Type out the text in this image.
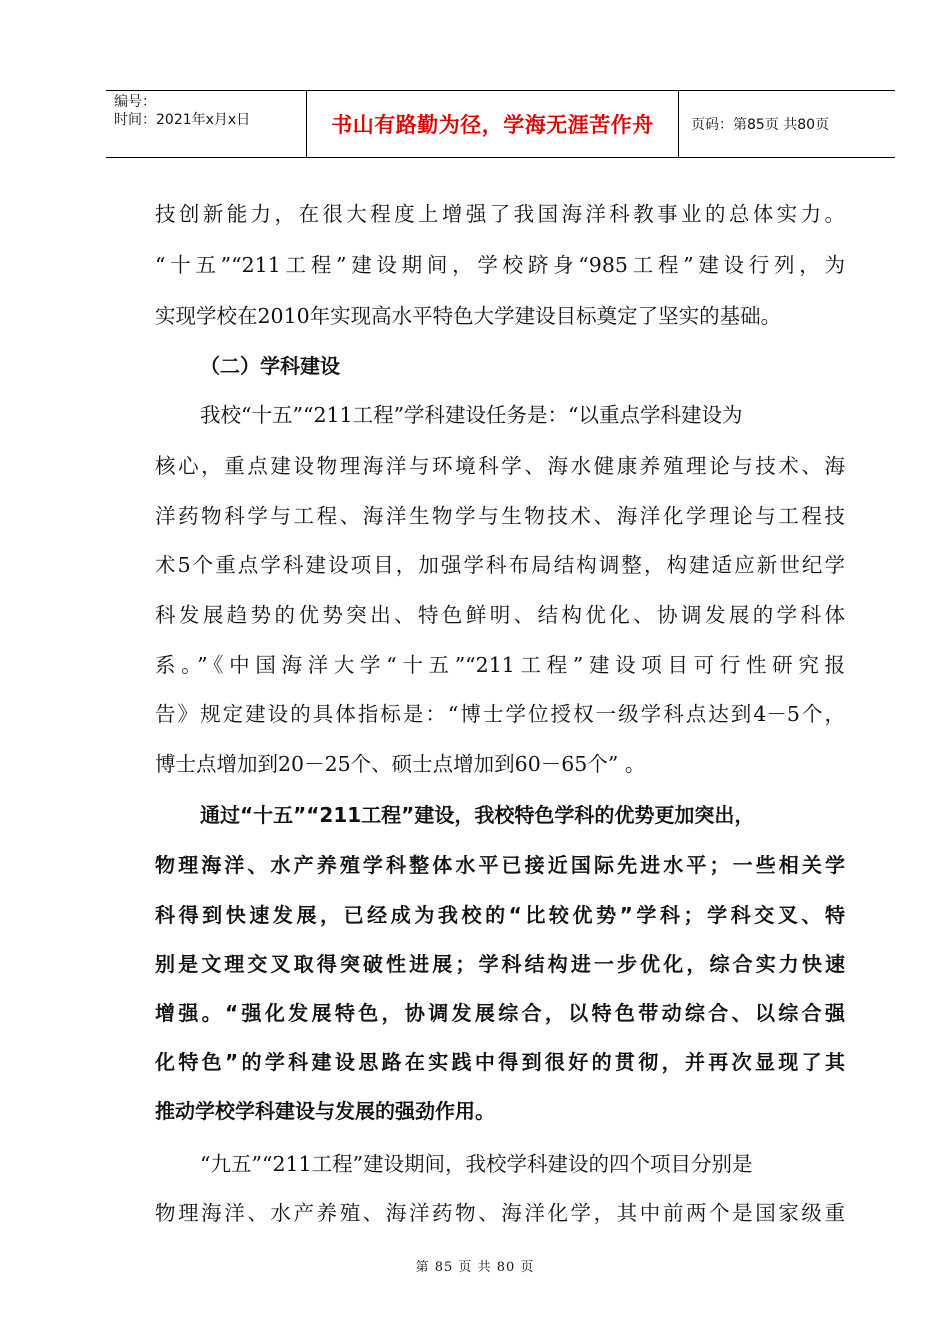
编号：
时间：2021年x月x日	书山有路勤为径，学海无涯苦作舟	页码：第85页 共80页
技创新能力，在很大程度上增强了我国海洋科教事业的总体实力。
“十五”“211工程”建设期间，学校跻身“985工程”建设行列，为
实现学校在2010年实现高水平特色大学建设目标奠定了坚实的基础。
（二）学科建设
我校“十五”“211工程”学科建设任务是：“以重点学科建设为
核心，重点建设物理海洋与环境科学、海水健康养殖理论与技术、海
洋药物科学与工程、海洋生物学与生物技术、海洋化学理论与工程技
术5个重点学科建设项目，加强学科布局结构调整，构建适应新世纪学
科发展趋势的优势突出、特色鲜明、结构优化、协调发展的学科体
系。”《中国海洋大学“十五”“211工程”建设项目可行性研究报
告》规定建设的具体指标是：“博士学位授权一级学科点达到4－5个，
博士点增加到20－25个、硕士点增加到60－65个” 。
通过“十五”“211工程”建设，我校特色学科的优势更加突出，
物理海洋、水产养殖学科整体水平已接近国际先进水平；一些相关学
科得到快速发展，已经成为我校的“比较优势”学科；学科交叉、特
别是文理交叉取得突破性进展；学科结构进一步优化，综合实力快速
增强。“强化发展特色，协调发展综合，以特色带动综合、以综合强
化特色”的学科建设思路在实践中得到很好的贯彻，并再次显现了其
推动学校学科建设与发展的强劲作用。
“九五”“211工程”建设期间，我校学科建设的四个项目分别是
物理海洋、水产养殖、海洋药物、海洋化学，其中前两个是国家级重
第 85 页 共 80 页
